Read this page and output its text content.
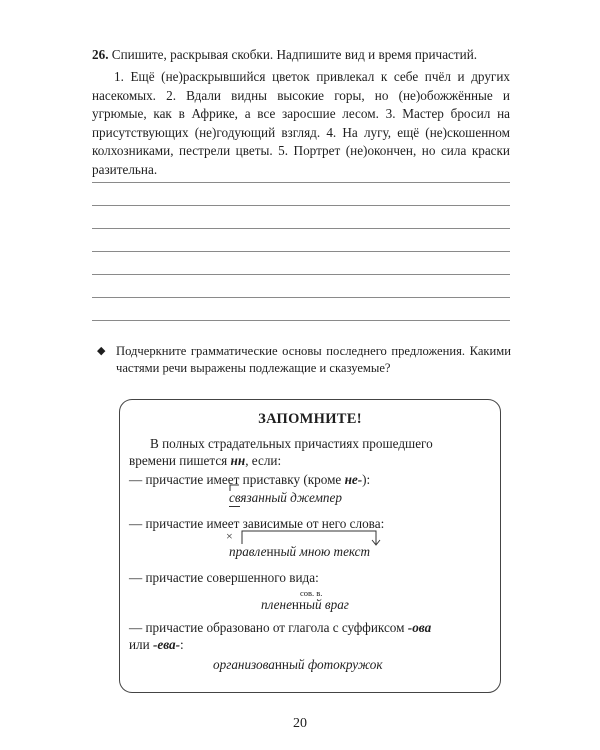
26. Спишите, раскрывая скобки. Надпишите вид и время причастий.
1. Ещё (не)раскрывшийся цветок привлекал к себе пчёл и других насекомых. 2. Вдали видны высокие горы, но (не)обожжённые и угрюмые, как в Африке, а все заросшие лесом. 3. Мастер бросил на присутствующих (не)годующий взгляд. 4. На лугу, ещё (не)скошенном колхозниками, пестрели цветы. 5. Портрет (не)окончен, но сила краски разительна.
◆ Подчеркните грамматические основы последнего предложения. Какими частями речи выражены подлежащие и сказуемые?
ЗАПОМНИТЕ!
В полных страдательных причастиях прошедшего
времени пишется нн, если:
— причастие имеет приставку (кроме не-):
связанный джемпер
— причастие имеет зависимые от него слова:
×
правленный мною текст
— причастие совершенного вида:
сов. в.
плененный враг
— причастие образовано от глагола с суффиксом -ова
или -ева-:
организованный фотокружок
20
